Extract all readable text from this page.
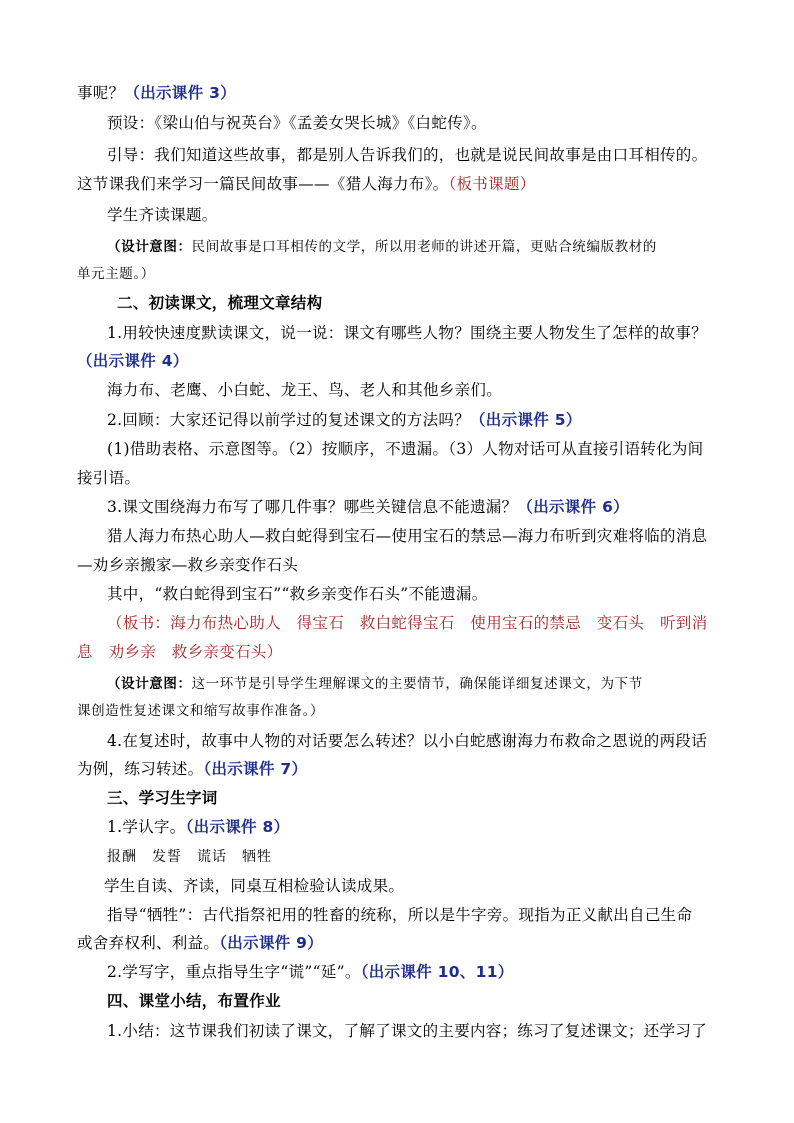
事呢？（出示课件 3）
预设：《梁山伯与祝英台》《孟姜女哭长城》《白蛇传》。
引导：我们知道这些故事，都是别人告诉我们的，也就是说民间故事是由口耳相传的。
这节课我们来学习一篇民间故事——《猎人海力布》。（板书课题）
学生齐读课题。
（设计意图：民间故事是口耳相传的文学，所以用老师的讲述开篇，更贴合统编版教材的
单元主题。）
二、初读课文，梳理文章结构
1.用较快速度默读课文，说一说：课文有哪些人物？围绕主要人物发生了怎样的故事？
（出示课件 4）
海力布、老鹰、小白蛇、龙王、鸟、老人和其他乡亲们。
2.回顾：大家还记得以前学过的复述课文的方法吗？（出示课件 5）
(1)借助表格、示意图等。（2）按顺序，不遗漏。（3）人物对话可从直接引语转化为间
接引语。
3.课文围绕海力布写了哪几件事？哪些关键信息不能遗漏？（出示课件 6）
猎人海力布热心助人—救白蛇得到宝石—使用宝石的禁忌—海力布听到灾难将临的消息
—劝乡亲搬家—救乡亲变作石头
其中，“救白蛇得到宝石”“救乡亲变作石头”不能遗漏。
（板书：海力布热心助人　得宝石　救白蛇得宝石　使用宝石的禁忌　变石头　听到消
息　劝乡亲　救乡亲变石头）
（设计意图：这一环节是引导学生理解课文的主要情节，确保能详细复述课文，为下节
课创造性复述课文和缩写故事作准备。）
4.在复述时，故事中人物的对话要怎么转述？以小白蛇感谢海力布救命之恩说的两段话
为例，练习转述。（出示课件 7）
三、学习生字词
1.学认字。（出示课件 8）
报酬　发誓　谎话　牺牲
学生自读、齐读，同桌互相检验认读成果。
指导“牺牲”：古代指祭祀用的牲畜的统称，所以是牛字旁。现指为正义献出自己生命
或舍弃权利、利益。（出示课件 9）
2.学写字，重点指导生字“谎”“延”。（出示课件 10、11）
四、课堂小结，布置作业
1.小结：这节课我们初读了课文，了解了课文的主要内容；练习了复述课文；还学习了
